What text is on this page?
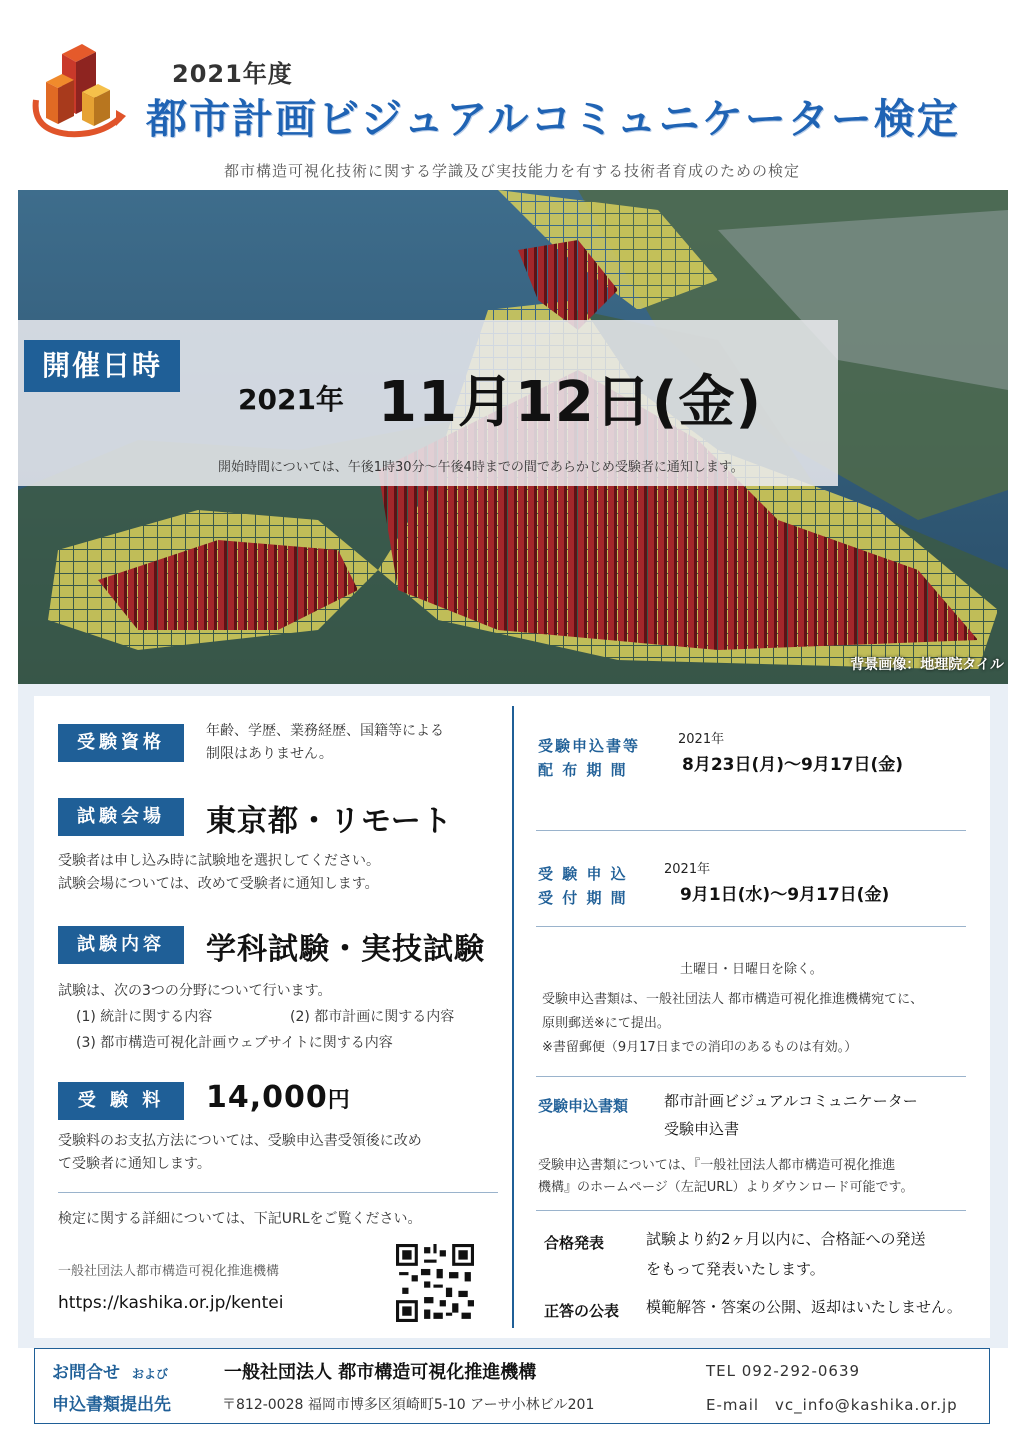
2021年度
都市計画ビジュアルコミュニケーター検定
都市構造可視化技術に関する学識及び実技能力を有する技術者育成のための検定
開催日時
2021年 11月12日(金)
開始時間については、午後1時30分～午後4時までの間であらかじめ受験者に通知します。
背景画像：地理院タイル
受験資格
年齢、学歴、業務経歴、国籍等による
制限はありません。
試験会場	東京都・リモート
受験者は申し込み時に試験地を選択してください。
試験会場については、改めて受験者に通知します。
試験内容	学科試験・実技試験
試験は、次の3つの分野について行います。
(1) 統計に関する内容	(2) 都市計画に関する内容
(3) 都市構造可視化計画ウェブサイトに関する内容
受 験 料	14,000円
受験料のお支払方法については、受験申込書受領後に改め
て受験者に通知します。
検定に関する詳細については、下記URLをご覧ください。
一般社団法人都市構造可視化推進機構
https://kashika.or.jp/kentei
受験申込書等
配 布 期 間
2021年
8月23日(月)～9月17日(金)
受 験 申 込
受 付 期 間
2021年
9月1日(水)～9月17日(金)
土曜日・日曜日を除く。
受験申込書類は、一般社団法人 都市構造可視化推進機構宛てに、
原則郵送※にて提出。
※書留郵便（9月17日までの消印のあるものは有効。）
受験申込書類 都市計画ビジュアルコミュニケーター
受験申込書
受験申込書類については、『一般社団法人都市構造可視化推進
機構』のホームページ（左記URL）よりダウンロード可能です。
合格発表	試験より約2ヶ月以内に、合格証への発送
をもって発表いたします。
正答の公表 模範解答・答案の公開、返却はいたしません。
お問合せ および
申込書類提出先
一般社団法人 都市構造可視化推進機構
〒812-0028 福岡市博多区須崎町5-10 アーサ小林ビル201
TEL 092-292-0639
E-mail　vc_info@kashika.or.jp
